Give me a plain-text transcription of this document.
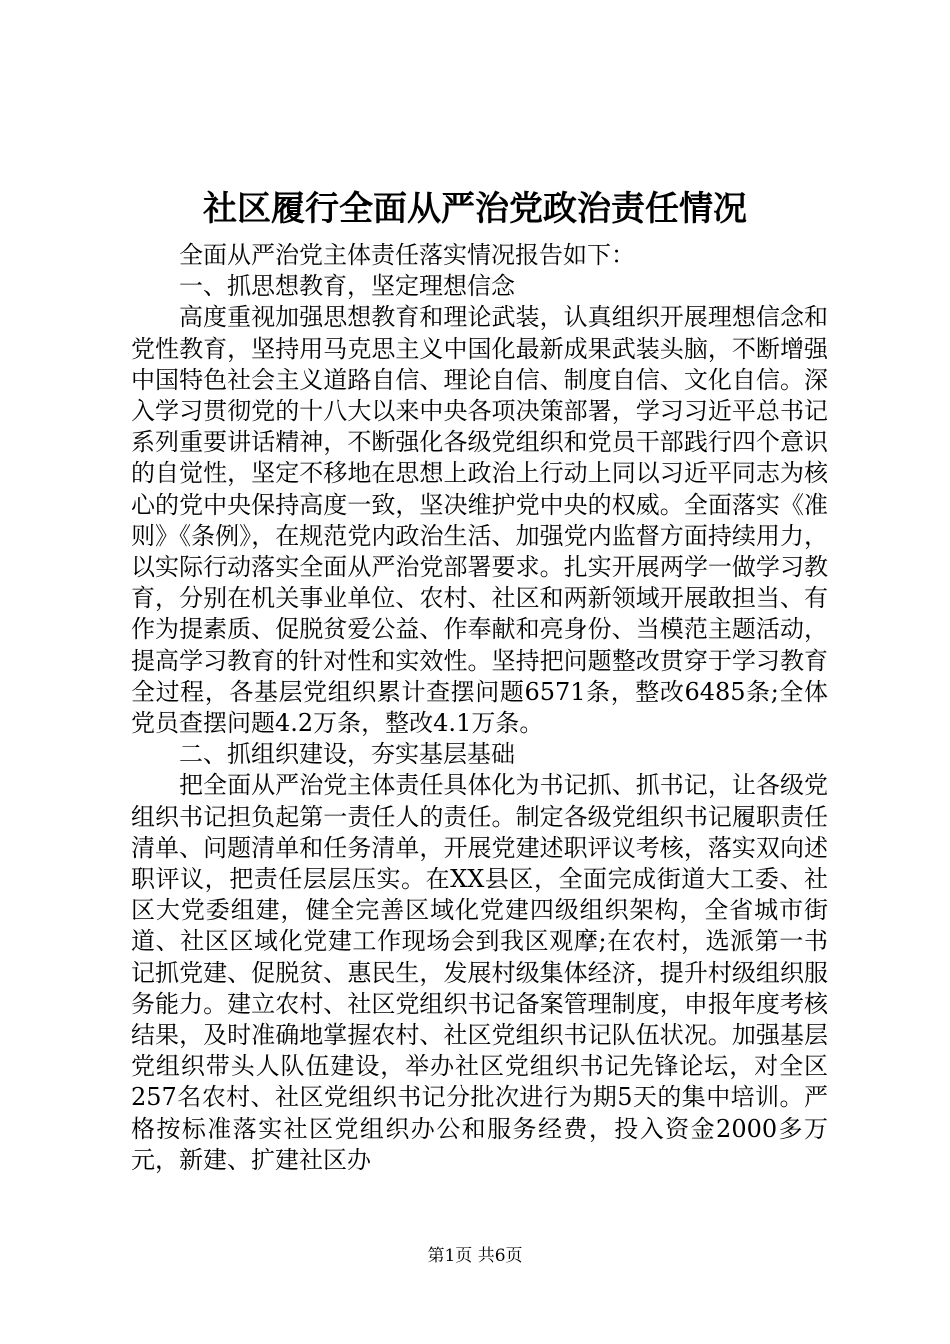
社区履行全面从严治党政治责任情况

全面从严治党主体责任落实情况报告如下：

一、抓思想教育，坚定理想信念

高度重视加强思想教育和理论武装，认真组织开展理想信念和党性教育，坚持用马克思主义中国化最新成果武装头脑，不断增强中国特色社会主义道路自信、理论自信、制度自信、文化自信。深入学习贯彻党的十八大以来中央各项决策部署，学习习近平总书记系列重要讲话精神，不断强化各级党组织和党员干部践行四个意识的自觉性，坚定不移地在思想上政治上行动上同以习近平同志为核心的党中央保持高度一致，坚决维护党中央的权威。全面落实《准则》《条例》，在规范党内政治生活、加强党内监督方面持续用力，以实际行动落实全面从严治党部署要求。扎实开展两学一做学习教育，分别在机关事业单位、农村、社区和两新领域开展敢担当、有作为提素质、促脱贫爱公益、作奉献和亮身份、当模范主题活动，提高学习教育的针对性和实效性。坚持把问题整改贯穿于学习教育全过程，各基层党组织累计查摆问题6571条，整改6485条;全体党员查摆问题4.2万条，整改4.1万条。

二、抓组织建设，夯实基层基础

把全面从严治党主体责任具体化为书记抓、抓书记，让各级党组织书记担负起第一责任人的责任。制定各级党组织书记履职责任清单、问题清单和任务清单，开展党建述职评议考核，落实双向述职评议，把责任层层压实。在XX县区，全面完成街道大工委、社区大党委组建，健全完善区域化党建四级组织架构，全省城市街道、社区区域化党建工作现场会到我区观摩;在农村，选派第一书记抓党建、促脱贫、惠民生，发展村级集体经济，提升村级组织服务能力。建立农村、社区党组织书记备案管理制度，申报年度考核结果，及时准确地掌握农村、社区党组织书记队伍状况。加强基层党组织带头人队伍建设，举办社区党组织书记先锋论坛，对全区257名农村、社区党组织书记分批次进行为期5天的集中培训。严格按标准落实社区党组织办公和服务经费，投入资金2000多万元，新建、扩建社区办

第1页 共6页
